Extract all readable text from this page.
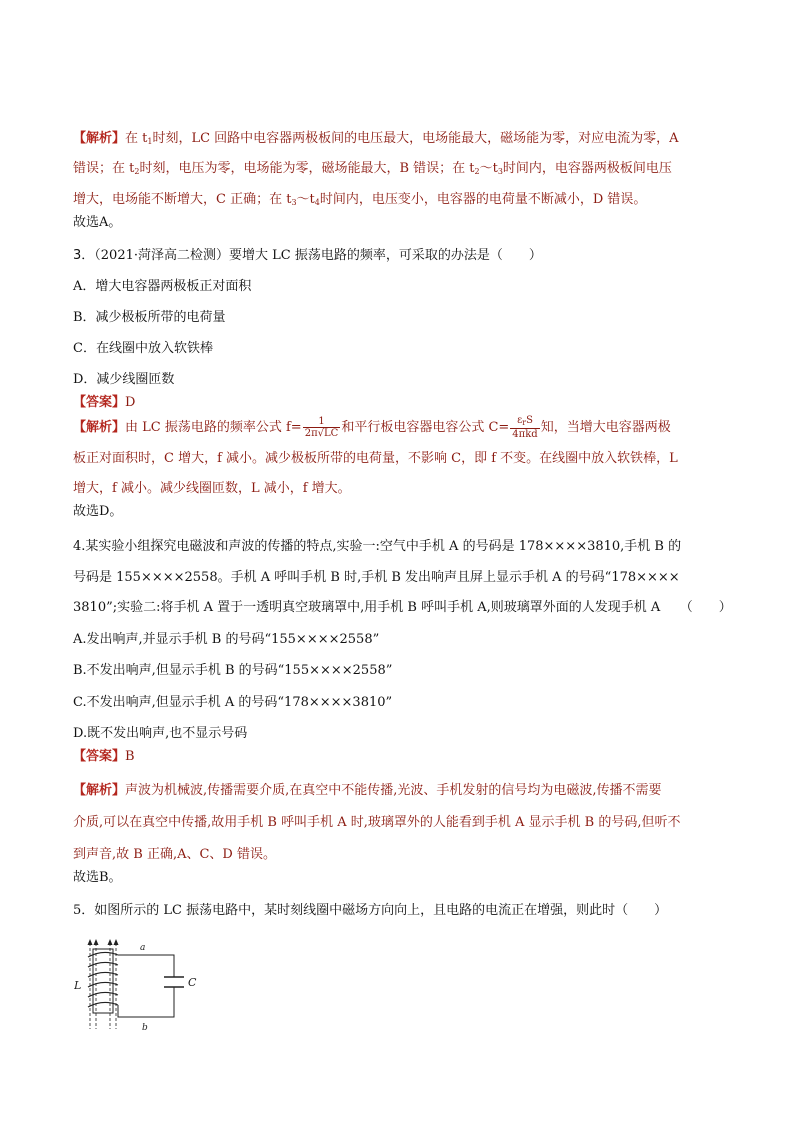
【解析】在 $t_1$时刻，LC 回路中电容器两极板间的电压最大，电场能最大，磁场能为零，对应电流为零，A
错误；在 $t_2$时刻，电压为零，电场能为零，磁场能最大，B 错误；在 $t_2\sim t_3$时间内，电容器两极板间电压
增大，电场能不断增大，C 正确；在 $t_3\sim t_4$时间内，电压变小，电容器的电荷量不断减小，D 错误。
故选A。
3．（2021·菏泽高二检测）要增大 LC 振荡电路的频率，可采取的办法是（　　）
A．增大电容器两极板正对面积
B．减少极板所带的电荷量
C．在线圈中放入软铁棒
D．减少线圈匝数
【答案】D
【解析】由 LC 振荡电路的频率公式 $f= \frac{1}{2\pi√LC}$ 和平行板电容器电容公式 $C= \frac{\varepsilon_rS}{\text{4πkd}}$ 知，当增大电容器两极
板正对面积时，C 增大，f 减小。减少极板所带的电荷量，不影响 C，即 f 不变。在线圈中放入软铁棒，L
增大，f 减小。减少线圈匝数，L 减小，f 增大。
故选D。
4.某实验小组探究电磁波和声波的传播的特点,实验一:空气中手机 A 的号码是 178××××3810,手机 B 的
号码是 155××××2558。手机 A 呼叫手机 B 时,手机 B 发出响声且屏上显示手机 A 的号码“178××××
3810”;实验二:将手机 A 置于一透明真空玻璃罩中,用手机 B 呼叫手机 A,则玻璃罩外面的人发现手机 A　　（　　）
A.发出响声,并显示手机 B 的号码“155××××2558”
B.不发出响声,但显示手机 B 的号码“155××××2558”
C.不发出响声,但显示手机 A 的号码“178××××3810”
D.既不发出响声,也不显示号码
【答案】B
【解析】声波为机械波,传播需要介质,在真空中不能传播,光波、手机发射的信号均为电磁波,传播不需要
介质,可以在真空中传播,故用手机 B 呼叫手机 A 时,玻璃罩外的人能看到手机 A 显示手机 B 的号码,但听不
到声音,故 B 正确,A、C、D 错误。
故选B。
5．如图所示的 LC 振荡电路中，某时刻线圈中磁场方向向上，且电路的电流正在增强，则此时（　　）
L	C
a
b
